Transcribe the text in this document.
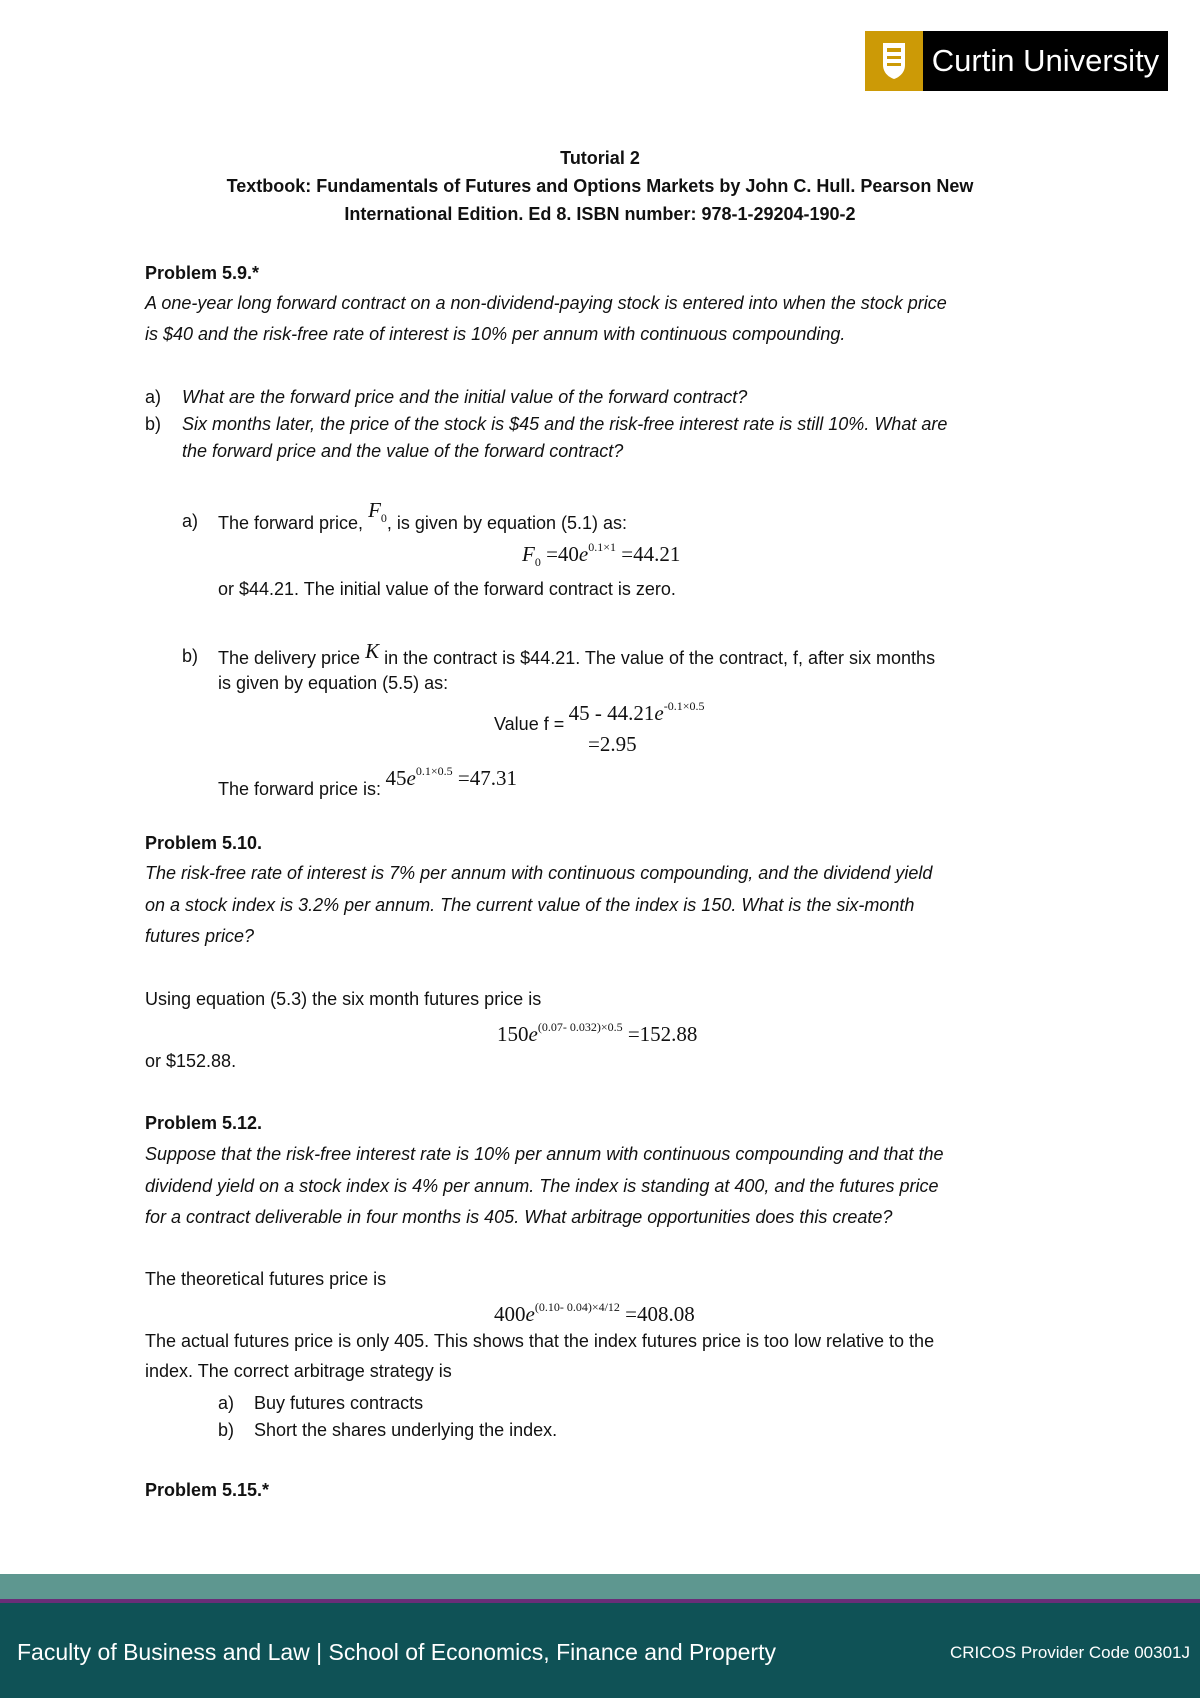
Curtin University
Tutorial 2
Textbook: Fundamentals of Futures and Options Markets by John C. Hull. Pearson New
International Edition. Ed 8. ISBN number: 978-1-29204-190-2
Problem 5.9.*
A one-year long forward contract on a non-dividend-paying stock is entered into when the stock price
is $40 and the risk-free rate of interest is 10% per annum with continuous compounding.
a)	What are the forward price and the initial value of the forward contract?
b)	Six months later, the price of the stock is $45 and the risk-free interest rate is still 10%. What are
the forward price and the value of the forward contract?
a)	The forward price, $F_0$, is given by equation (5.1) as:
$F_0 =40e^{0.1\times 1} =44.21$
or $44.21. The initial value of the forward contract is zero.
b)	The delivery price K in the contract is $44.21. The value of the contract, f, after six months
is given by equation (5.5) as:
Value $f = 45 - 44.21e^{-0.1\times 0.5}$
=2.95
The forward price is: $45e^{0.1\times 0.5} =47.31$
Problem 5.10.
The risk-free rate of interest is 7% per annum with continuous compounding, and the dividend yield
on a stock index is 3.2% per annum. The current value of the index is 150. What is the six-month
futures price?
Using equation (5.3) the six month futures price is
$150e^{(0.07- 0.032)\times 0.5} =152.88$
or $152.88.
Problem 5.12.
Suppose that the risk-free interest rate is 10% per annum with continuous compounding and that the
dividend yield on a stock index is 4% per annum. The index is standing at 400, and the futures price
for a contract deliverable in four months is 405. What arbitrage opportunities does this create?
The theoretical futures price is
$400e^{(0.10- 0.04)\times 4/12} =408.08$
The actual futures price is only 405. This shows that the index futures price is too low relative to the
index. The correct arbitrage strategy is
a)	Buy futures contracts
b)	Short the shares underlying the index.
Problem 5.15.*
Faculty of Business and Law | School of Economics, Finance and Property	CRICOS Provider Code 00301J
